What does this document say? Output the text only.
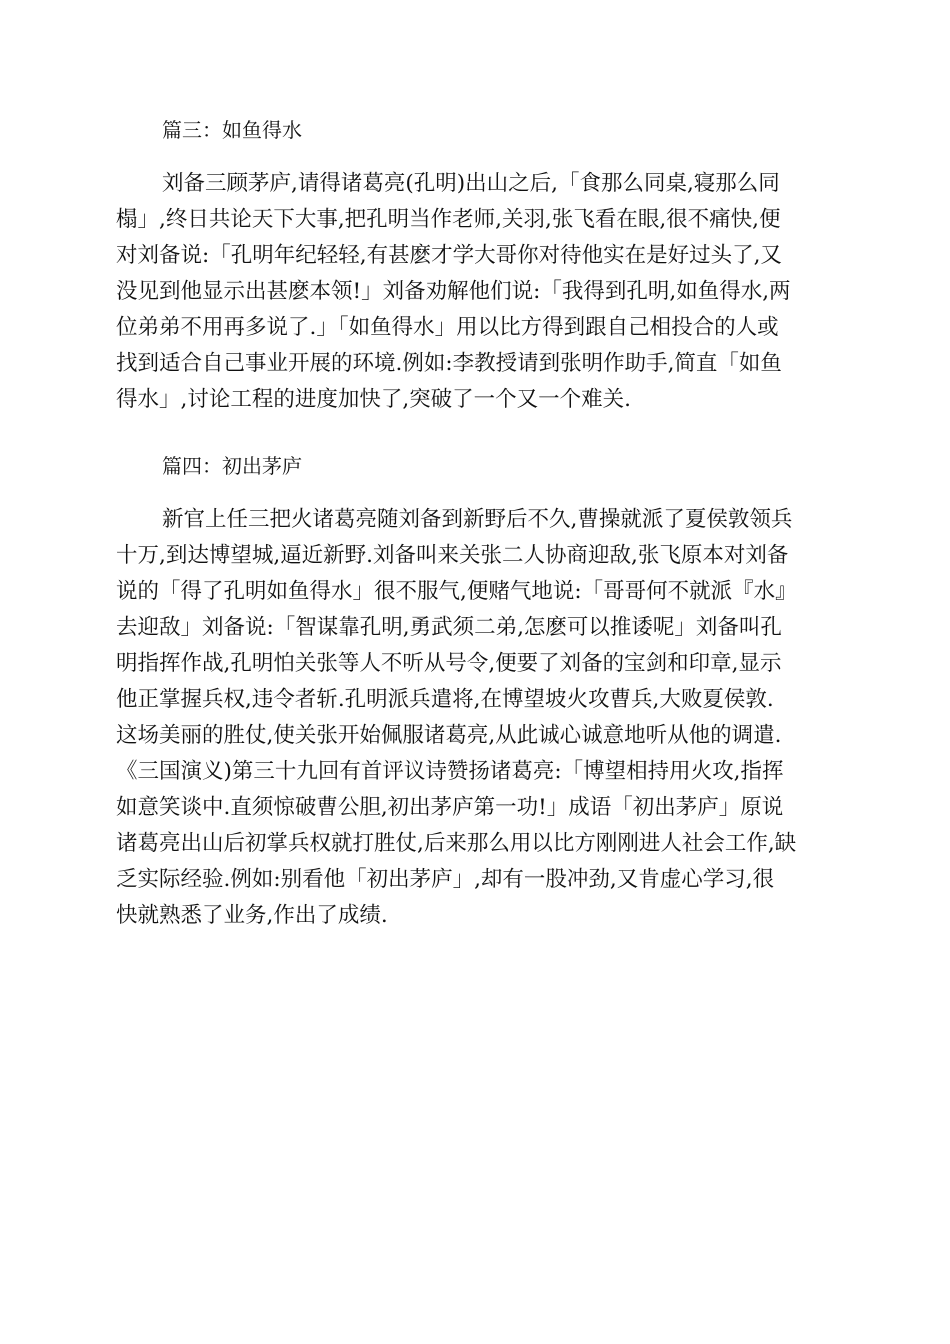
篇三：如鱼得水
刘备三顾茅庐,请得诸葛亮(孔明)出山之后,「食那么同桌,寝那么同
榻」,终日共论天下大事,把孔明当作老师,关羽,张飞看在眼,很不痛快,便
对刘备说:「孔明年纪轻轻,有甚麽才学大哥你对待他实在是好过头了,又
没见到他显示出甚麽本领!」刘备劝解他们说:「我得到孔明,如鱼得水,两
位弟弟不用再多说了.」「如鱼得水」用以比方得到跟自己相投合的人或
找到适合自己事业开展的环境.例如:李教授请到张明作助手,简直「如鱼
得水」,讨论工程的进度加快了,突破了一个又一个难关.
篇四：初出茅庐
新官上任三把火诸葛亮随刘备到新野后不久,曹操就派了夏侯敦领兵
十万,到达博望城,逼近新野.刘备叫来关张二人协商迎敌,张飞原本对刘备
说的「得了孔明如鱼得水」很不服气,便赌气地说:「哥哥何不就派『水』
去迎敌」刘备说:「智谋靠孔明,勇武须二弟,怎麽可以推诿呢」刘备叫孔
明指挥作战,孔明怕关张等人不听从号令,便要了刘备的宝剑和印章,显示
他正掌握兵权,违令者斩.孔明派兵遣将,在博望坡火攻曹兵,大败夏侯敦.
这场美丽的胜仗,使关张开始佩服诸葛亮,从此诚心诚意地听从他的调遣.
《三国演义)第三十九回有首评议诗赞扬诸葛亮:「博望相持用火攻,指挥
如意笑谈中.直须惊破曹公胆,初出茅庐第一功!」成语「初出茅庐」原说
诸葛亮出山后初掌兵权就打胜仗,后来那么用以比方刚刚进人社会工作,缺
乏实际经验.例如:别看他「初出茅庐」,却有一股冲劲,又肯虚心学习,很
快就熟悉了业务,作出了成绩.
